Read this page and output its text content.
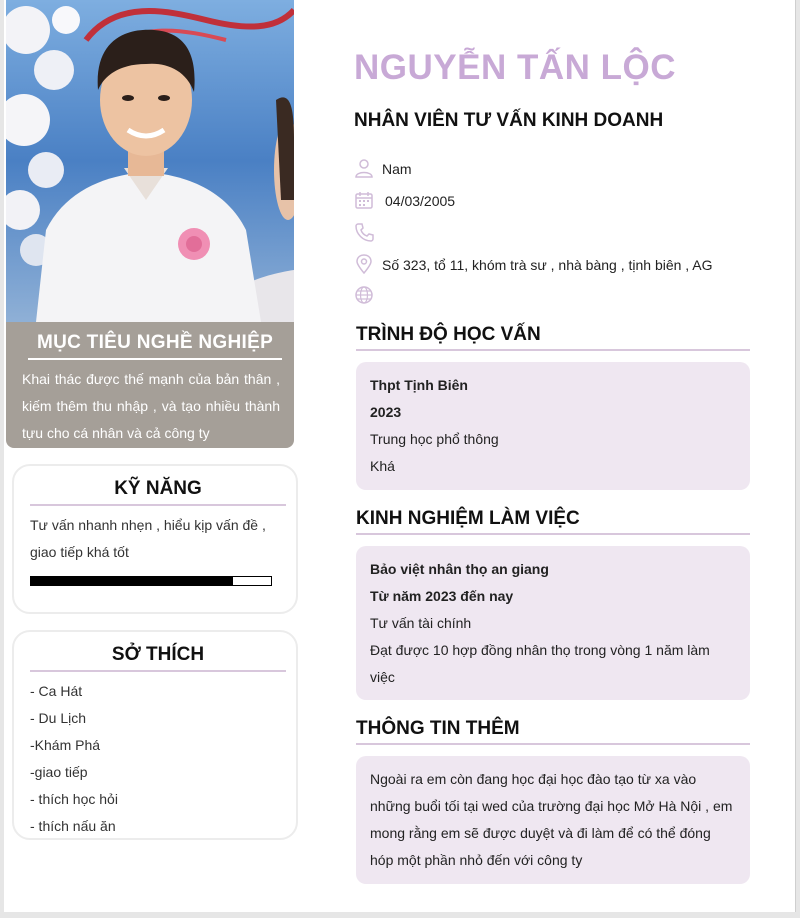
MỤC TIÊU NGHỀ NGHIỆP
Khai thác được thế mạnh của bản thân , kiếm thêm thu nhập , và tạo nhiều thành tựu cho cá nhân và cả công ty
KỸ NĂNG
Tư vấn nhanh nhẹn , hiểu kịp vấn đề , giao tiếp khá tốt
SỞ THÍCH
- Ca Hát
- Du Lịch
-Khám Phá
-giao tiếp
- thích học hỏi
- thích nấu ăn
NGUYỄN TẤN LỘC
NHÂN VIÊN TƯ VẤN KINH DOANH
Nam
04/03/2005
Số 323, tổ 11, khóm trà sư , nhà bàng , tịnh biên , AG
TRÌNH ĐỘ HỌC VẤN
Thpt Tịnh Biên
2023
Trung học phổ thông
Khá
KINH NGHIỆM LÀM VIỆC
Bảo việt nhân thọ an giang
Từ năm 2023 đến nay
Tư vấn tài chính
Đạt được 10 hợp đồng nhân thọ trong vòng 1 năm làm việc
THÔNG TIN THÊM
Ngoài ra em còn đang học đại học đào tạo từ xa vào những buổi tối tại wed của trường đại học Mở Hà Nội , em mong rằng em sẽ được duyệt và đi làm để có thể đóng hóp một phần nhỏ đến với công ty
